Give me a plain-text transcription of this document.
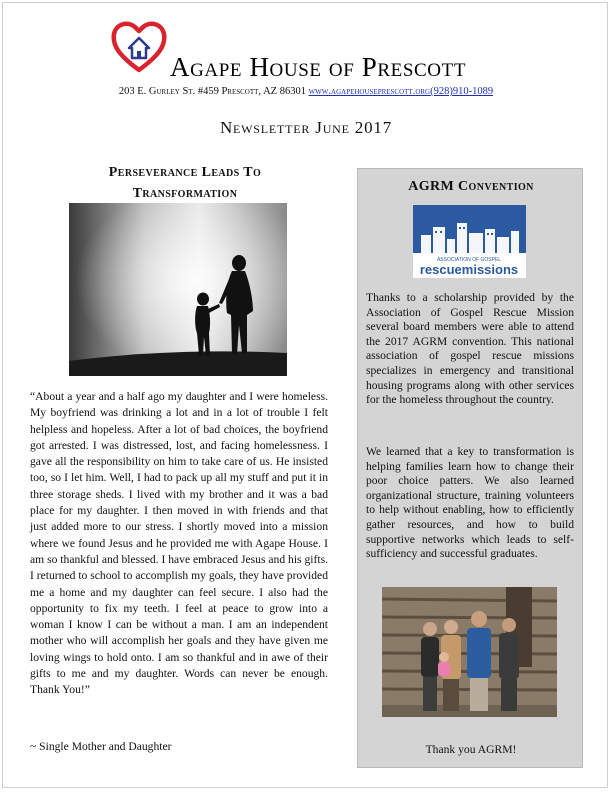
Agape House of Prescott
203 E. Gurley St. #459 Prescott, AZ 86301 www.agapehouseprescott.org(928)910-1089
Newsletter June 2017
Perseverance Leads To
Transformation
“About a year and a half ago my daughter and I were homeless. My boyfriend was drinking a lot and in a lot of trouble I felt helpless and hopeless. After a lot of bad choices, the boyfriend got arrested. I was distressed, lost, and facing homelessness. I gave all the responsibility on him to take care of us. He insisted too, so I let him. Well, I had to pack up all my stuff and put it in three storage sheds. I lived with my brother and it was a bad place for my daughter. I then moved in with friends and that just added more to our stress. I shortly moved into a mission where we found Jesus and he provided me with Agape House. I am so thankful and blessed. I have embraced Jesus and his gifts. I returned to school to accomplish my goals, they have provided me a home and my daughter can feel secure. I also had the opportunity to fix my teeth. I feel at peace to grow into a woman I know I can be without a man. I am an independent mother who will accomplish her goals and they have given me loving wings to hold onto. I am so thankful and in awe of their gifts to me and my daughter. Words can never be enough. Thank You!”
~ Single Mother and Daughter
AGRM Convention
ASSOCIATION OF GOSPEL
rescuemissions
Thanks to a scholarship provided by the Association of Gospel Rescue Mission several board members were able to attend the 2017 AGRM convention. This national association of gospel rescue missions specializes in emergency and transitional housing programs along with other services for the homeless throughout the country.
We learned that a key to transformation is helping families learn how to change their poor choice patters. We also learned organizational structure, training volunteers to help without enabling, how to efficiently gather resources, and how to build supportive networks which leads to self-sufficiency and successful graduates.
Thank you AGRM!
